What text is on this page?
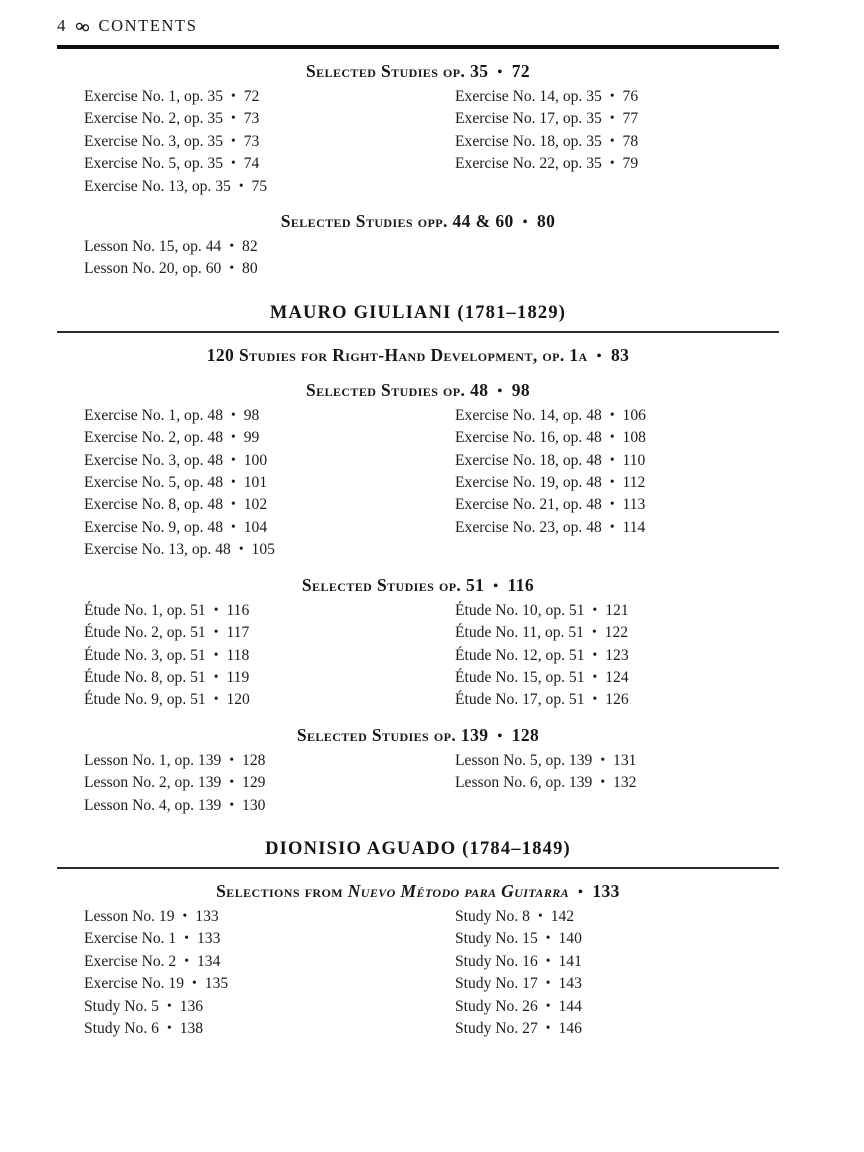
4 CONTENTS
Selected Studies op. 35 • 72
Exercise No. 1, op. 35 • 72
Exercise No. 2, op. 35 • 73
Exercise No. 3, op. 35 • 73
Exercise No. 5, op. 35 • 74
Exercise No. 13, op. 35 • 75
Exercise No. 14, op. 35 • 76
Exercise No. 17, op. 35 • 77
Exercise No. 18, op. 35 • 78
Exercise No. 22, op. 35 • 79
Selected Studies opp. 44 & 60 • 80
Lesson No. 15, op. 44 • 82
Lesson No. 20, op. 60 • 80
MAURO GIULIANI (1781–1829)
120 Studies for Right-Hand Development, op. 1a • 83
Selected Studies op. 48 • 98
Exercise No. 1, op. 48 • 98
Exercise No. 2, op. 48 • 99
Exercise No. 3, op. 48 • 100
Exercise No. 5, op. 48 • 101
Exercise No. 8, op. 48 • 102
Exercise No. 9, op. 48 • 104
Exercise No. 13, op. 48 • 105
Exercise No. 14, op. 48 • 106
Exercise No. 16, op. 48 • 108
Exercise No. 18, op. 48 • 110
Exercise No. 19, op. 48 • 112
Exercise No. 21, op. 48 • 113
Exercise No. 23, op. 48 • 114
Selected Studies op. 51 • 116
Étude No. 1, op. 51 • 116
Étude No. 2, op. 51 • 117
Étude No. 3, op. 51 • 118
Étude No. 8, op. 51 • 119
Étude No. 9, op. 51 • 120
Étude No. 10, op. 51 • 121
Étude No. 11, op. 51 • 122
Étude No. 12, op. 51 • 123
Étude No. 15, op. 51 • 124
Étude No. 17, op. 51 • 126
Selected Studies op. 139 • 128
Lesson No. 1, op. 139 • 128
Lesson No. 2, op. 139 • 129
Lesson No. 4, op. 139 • 130
Lesson No. 5, op. 139 • 131
Lesson No. 6, op. 139 • 132
DIONISIO AGUADO (1784–1849)
Selections from Nuevo Método para Guitarra • 133
Lesson No. 19 • 133
Exercise No. 1 • 133
Exercise No. 2 • 134
Exercise No. 19 • 135
Study No. 5 • 136
Study No. 6 • 138
Study No. 8 • 142
Study No. 15 • 140
Study No. 16 • 141
Study No. 17 • 143
Study No. 26 • 144
Study No. 27 • 146
